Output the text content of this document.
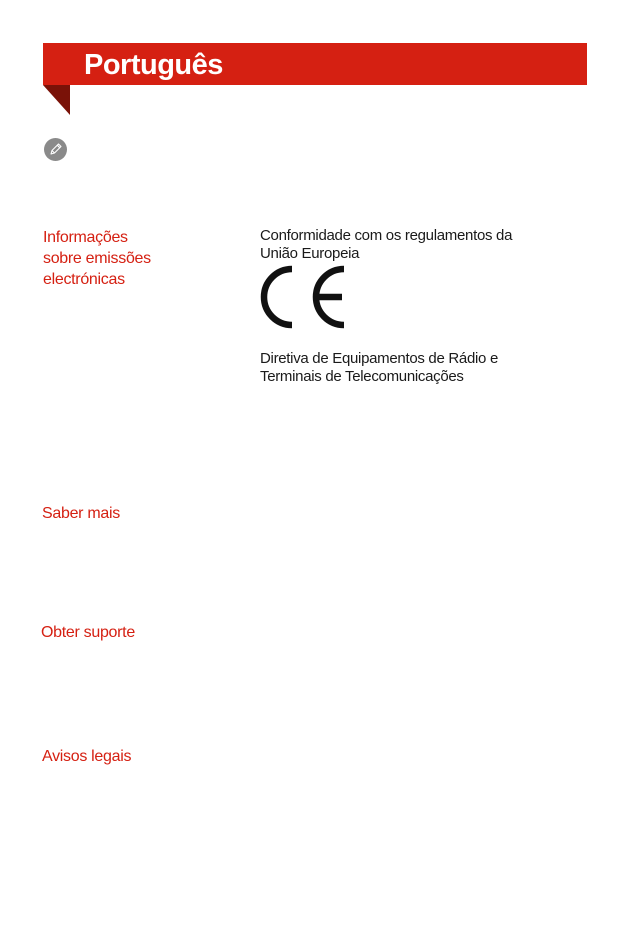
Português
Informações
sobre emissões
electrónicas
Conformidade com os regulamentos da
União Europeia
Diretiva de Equipamentos de Rádio e
Terminais de Telecomunicações
Saber mais
Obter suporte
Avisos legais
